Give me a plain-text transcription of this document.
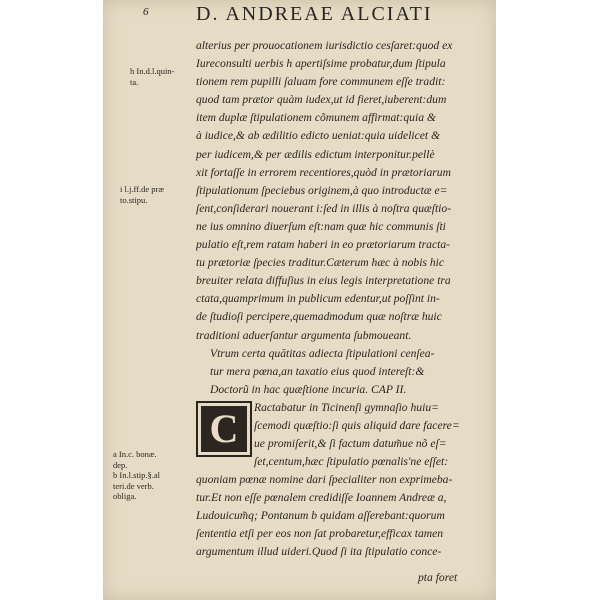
6 D. ANDREAE ALCIATI
h In.d.l.quin-
ta.
i l.j.ff.de præ
to.stipu.
a In.c. bonæ.
dep.
b In.l.stip.§.al
teri.de verb.
obliga.
alterius per prouocationem iurisdictio cesſaret:quod ex
Iureconsulti uerbis h apertiſsime probatur,dum ſtipula
tionem rem pupilli ſaluam fore communem eſſe tradit:
quod tam prætor quàm iudex,ut id fieret,iuberent:dum
item duplæ ſtipulationem cõmunem affirmat:quia &
à iudice,& ab ædilitio edicto ueniat:quia uidelicet &
per iudicem,& per ædilis edictum interponitur.pellè
xit fortaſſe in errorem recentiores,quòd in prætoriarum
ſtipulationum ſpeciebus originem,à quo introductæ e=
ſent,conſiderari nouerant i:ſed in illis à noſtra quæſtio-
ne ius omnino diuerſum eſt:nam quæ hic communis ſti
pulatio eſt,rem ratam haberi in eo prætoriarum tracta-
tu prætoriæ ſpecies traditur.Cæterum hæc à nobis hic
breuiter relata diffuſius in eius legis interpretatione tra
ctata,quamprimum in publicum edentur,ut poſſint in-
de ſtudioſi percipere,quemadmodum quæ noſtræ huic
traditioni aduerſantur argumenta ſubmoueant.
Vtrum certa quātitas adiecta ſtipulationi cenſea-
tur mera pœna,an taxatio eius quod intereſt:&
Doctorũ in hac quæſtione incuria. CAP II.
C	Ractabatur in Ticinenſi gymnaſio huiu=
ſcemodi quæſtio:ſi quis aliquid dare facere=
ue promiſerit,& ſi factum datum̃ue nõ eſ=
ſet,centum,hæc ſtipulatio pœnalis'ne eſſet:
quoniam pœnæ nomine dari ſpecialiter non exprimeba-
tur.Et non eſſe pœnalem credidiſſe Ioannem Andreæ a,
Ludouicum̃q; Pontanum b quidam aſſerebant:quorum
ſententia etſi per eos non ſat probaretur,efficax tamen
argumentum illud uideri.Quod ſi ita ſtipulatio conce-
pta foret
